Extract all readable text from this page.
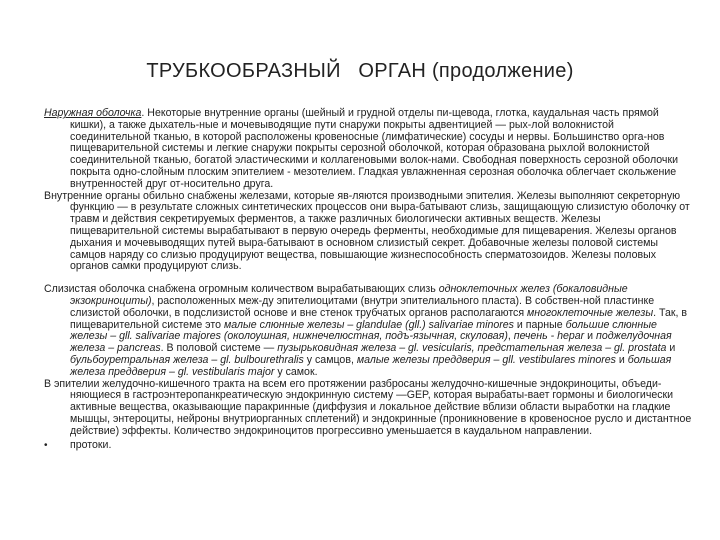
ТРУБКООБРАЗНЫЙ   ОРГАН (продолжение)

Наружная оболочка. Некоторые внутренние органы (шейный и грудной отделы пи-щевода, глотка, каудальная часть прямой кишки), а также дыхатель-ные и мочевыводящие пути снаружи покрыты адвентицией — рых-лой волокнистой соединительной тканью, в которой расположены кровеносные (лимфатические) сосуды и нервы. Большинство орга-нов пищеварительной системы и легкие снаружи покрыты серозной оболочкой, которая образована рыхлой волокнистой соединительной тканью, богатой эластическими и коллагеновыми волок-нами. Свободная поверхность серозной оболочки покрыта одно-слойным плоским эпителием - мезотелием. Гладкая увлажненная серозная оболочка облегчает скольжение внутренностей друг от-носительно друга.

Внутренние органы обильно снабжены железами, которые яв-ляются производными эпителия. Железы выполняют секреторную функцию — в результате сложных синтетических процессов они выра-батывают слизь, защищающую слизистую оболочку от травм и действия секретируемых ферментов, а также различных биологически активных веществ. Железы пищеварительной системы вырабатывают в первую очередь ферменты, необходимые для пищеварения. Железы органов дыхания и мочевыводящих путей выра-батывают в основном слизистый секрет. Добавочные железы половой системы самцов наряду со слизью продуцируют вещества, повышающие жизнеспособность сперматозоидов. Железы половых органов самки продуцируют слизь.

Слизистая оболочка снабжена огромным количеством вырабатывающих слизь одноклеточных желез (бокаловидные экзокриноциты), расположенных меж-ду эпителиоцитами (внутри эпителиального пласта). В собствен-ной пластинке слизистой оболочки, в подслизистой основе и вне стенок трубчатых органов располагаются многоклеточные железы. Так, в пищеварительной системе это малые слюнные железы – glandulae (gll.) salivariae minores и парные большие слюнные железы – gll. salivariae majores (околоушная, нижнечелюстная, подъ-язычная, скуловая), печень - hepar и поджелудочная железа – pancreas. В половой системе — пузырьковидная железа – gl. vesicularis, предстательная железа – gl. prostata и бульбоуретральная железа – gl. bulbourethralis у самцов, малые железы преддверия – gll. vestibulares minores и большая железа преддверия – gl. vestibularis major у самок.

В эпителии желудочно-кишечного тракта на всем его протяжении разбросаны желудочно-кишечные эндокриноциты, объеди-няющиеся в гастроэнтеропанкреатическую эндокринную систему —GEP, которая вырабаты-вает гормоны и биологически активные вещества, оказывающие паракринные (диффузия и локальное действие вблизи области выработки на гладкие мышцы, энтероциты, нейроны внутриорганных сплетений) и эндокринные (проникновение в кровеносное русло и дистантное действие) эффекты. Количество эндокриноцитов прогрессивно уменьшается в каудальном направлении.

• протоки.
